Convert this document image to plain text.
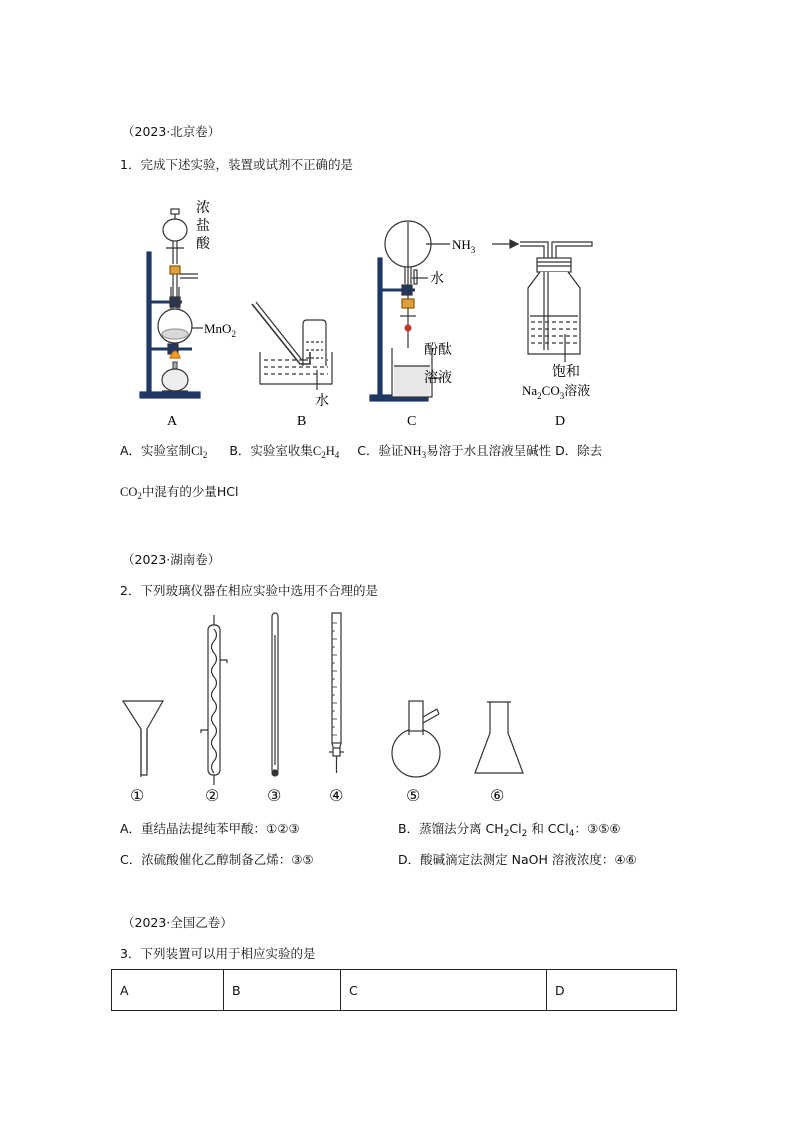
（2023·北京卷）
1．完成下述实验，装置或试剂不正确的是
浓
盐
酸
MnO$_2$
水
$NH_3$
水
酚酞
溶液	饱和
$Na_2CO_3$溶液
A	B	C	D
A．实验室制$Cl_2$ B．实验室收集$C_2H_4$ C．验证$NH_3$易溶于水且溶液呈碱性 D．除去
$CO_2$中混有的少量HCl
（2023·湖南卷）
2．下列玻璃仪器在相应实验中选用不合理的是
①	②	③	④	⑤	⑥
A．重结晶法提纯苯甲酸：①②③	B．蒸馏法分离 $CH_2Cl_2$ 和 CCl$_4$：③⑤⑥
C．浓硫酸催化乙醇制备乙烯：③⑤	D．酸碱滴定法测定 NaOH 溶液浓度：④⑥
（2023·全国乙卷）
3．下列装置可以用于相应实验的是
A	B	C	D
